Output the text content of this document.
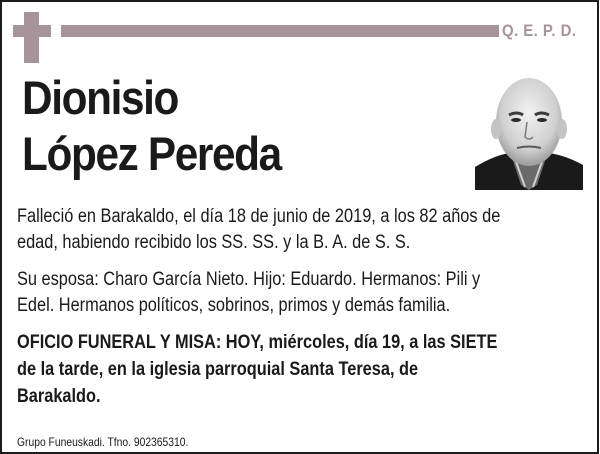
Q. E. P. D.
Dionisio
López Pereda
Falleció en Barakaldo, el día 18 de junio de 2019, a los 82 años de
edad, habiendo recibido los SS. SS. y la B. A. de S. S.
Su esposa: Charo García Nieto. Hijo: Eduardo. Hermanos: Pili y
Edel. Hermanos políticos, sobrinos, primos y demás familia.
OFICIO FUNERAL Y MISA: HOY, miércoles, día 19, a las SIETE
de la tarde, en la iglesia parroquial Santa Teresa, de
Barakaldo.
Grupo Funeuskadi. Tfno. 902365310.
